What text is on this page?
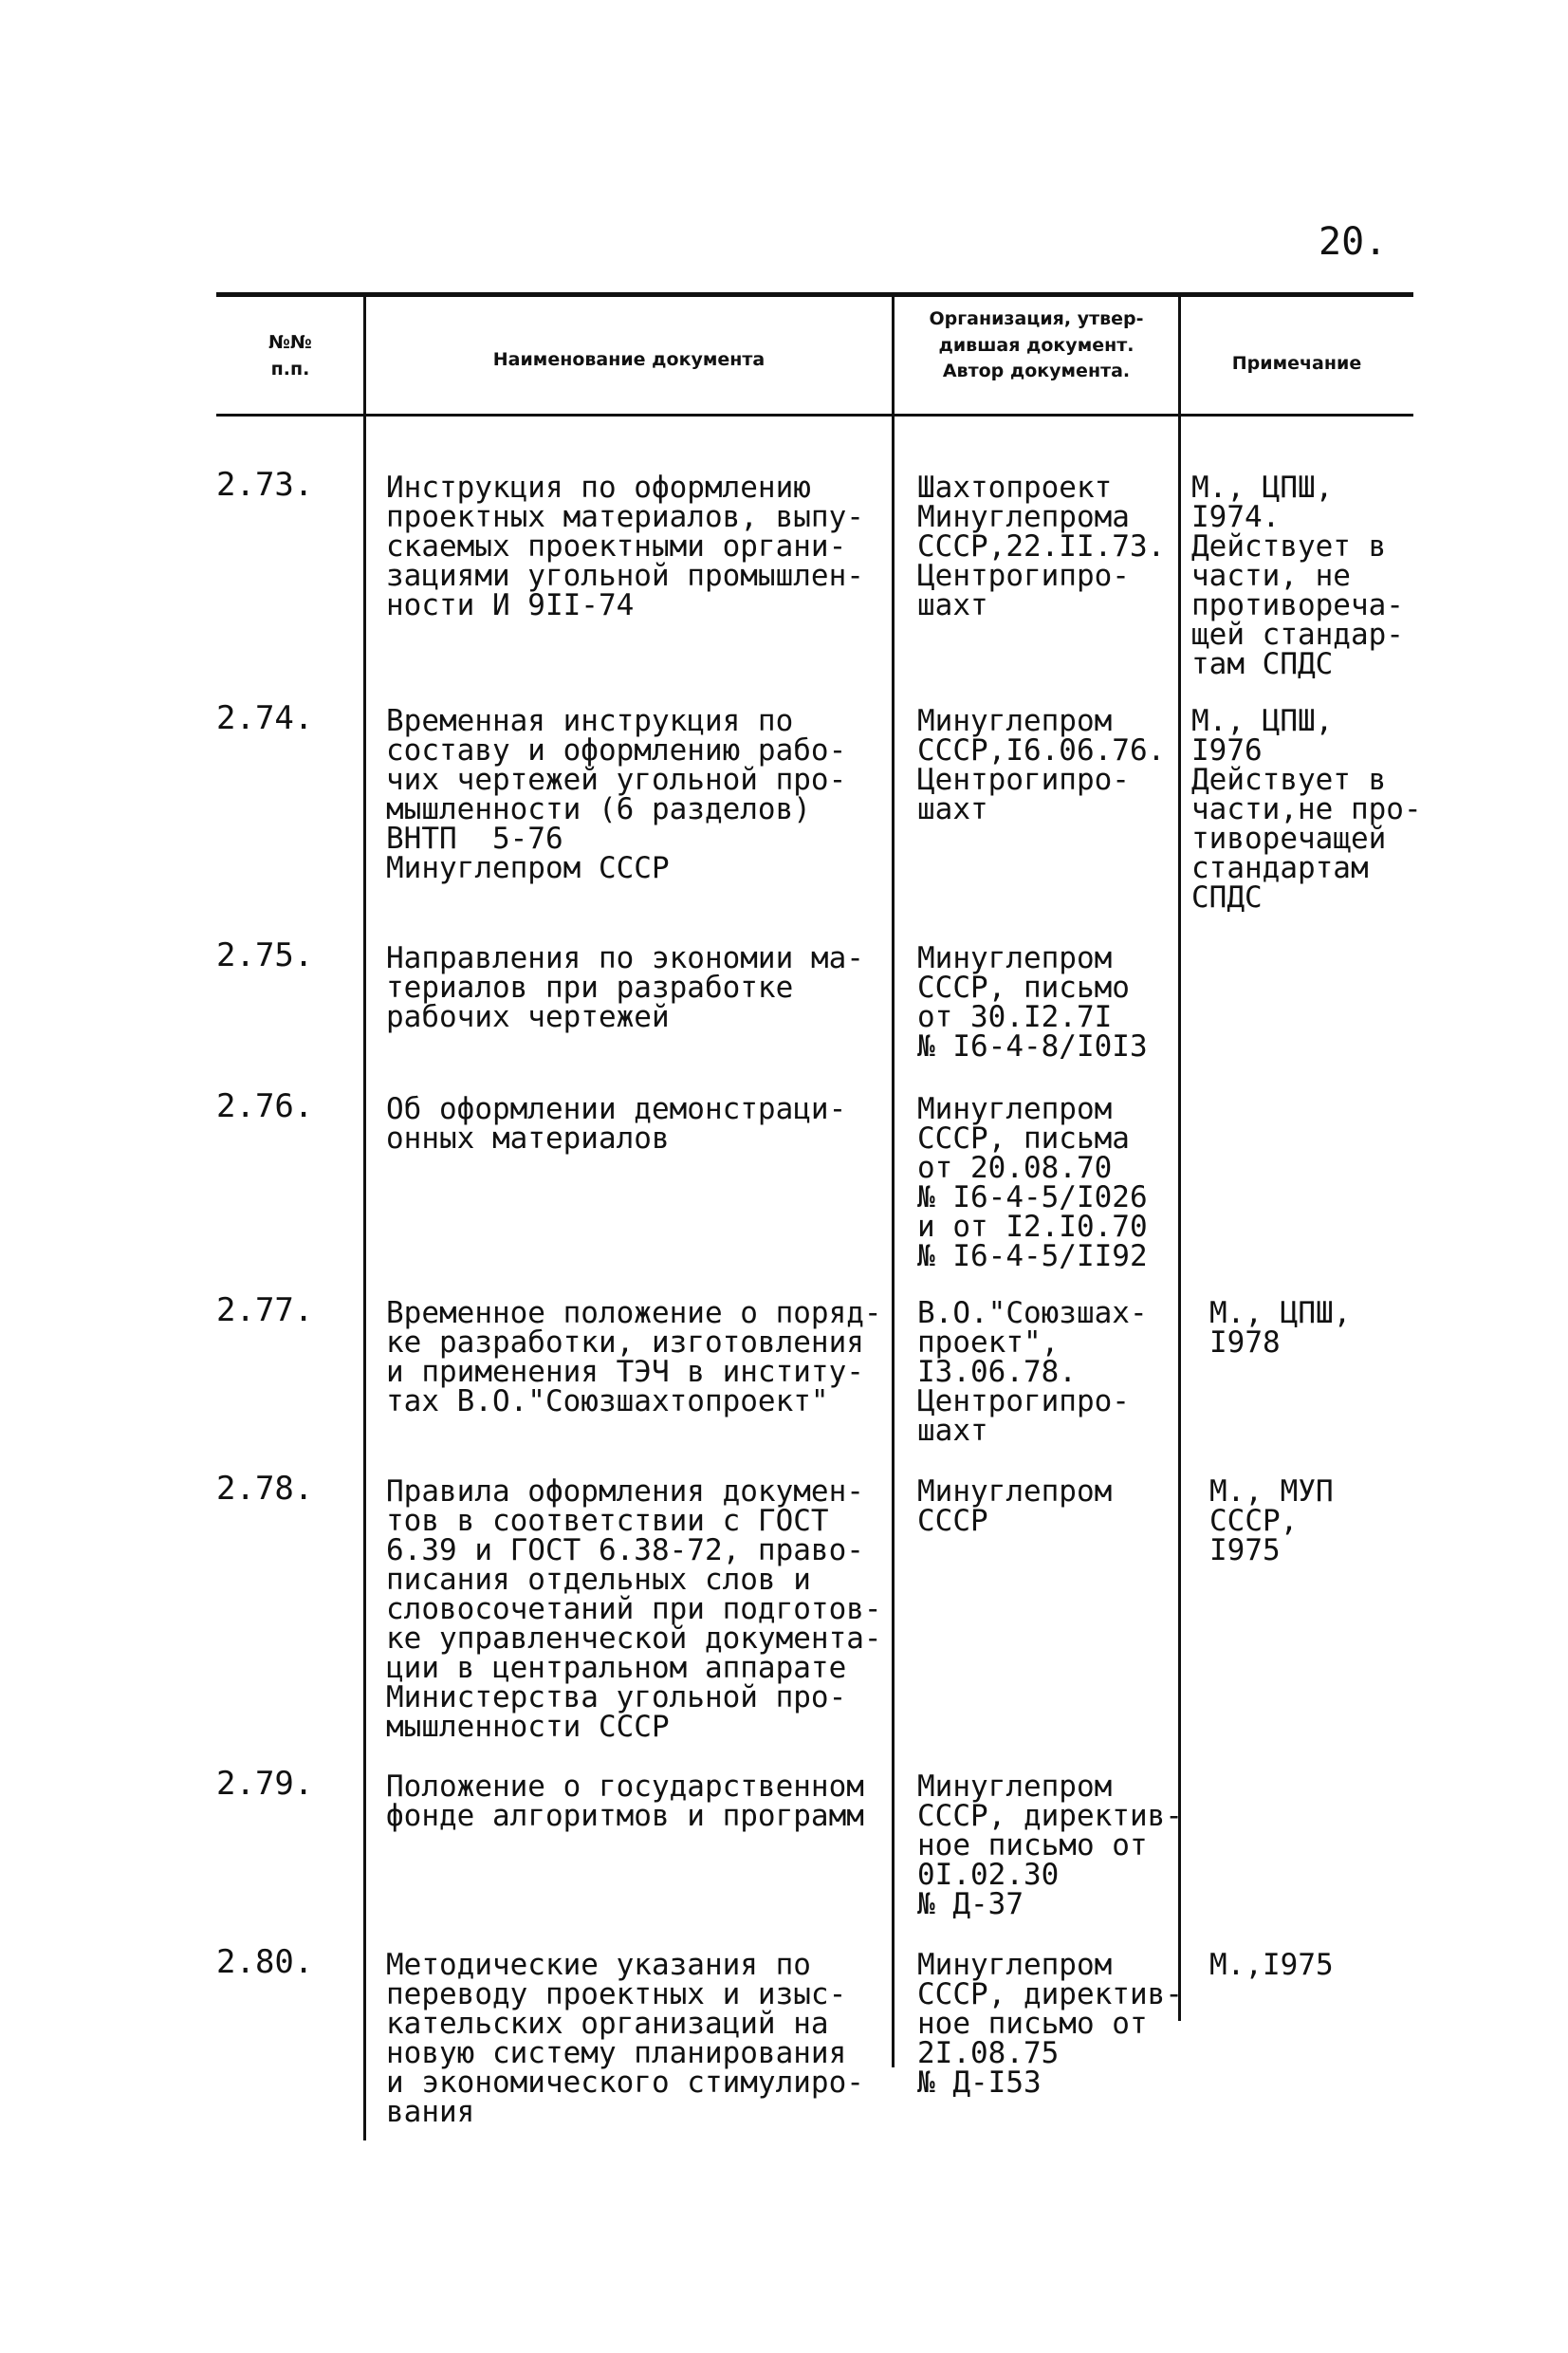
20.
№№
п.п.	Наименование документа
Организация, утвер-
дившая документ.
Автор документа.	Примечание
2.73. Инструкция по оформлению
проектных материалов, выпу-
скаемых проектными органи-
зациями угольной промышлен-
ности И 9II-74
Шахтопроект
Минуглепрома
СССР,22.II.73.
Центрогипро-
шахт
М., ЦПШ,
I974.
Действует в
части, не
противореча-
щей стандар-
там СПДС
2.74. Временная инструкция по
составу и оформлению рабо-
чих чертежей угольной про-
мышленности (6 разделов)
ВНТП  5-76
Минуглепром СССР
Минуглепром
СССР,I6.06.76.
Центрогипро-
шахт
М., ЦПШ,
I976
Действует в
части,не про-
тиворечащей
стандартам
СПДС
2.75. Направления по экономии ма-
териалов при разработке
рабочих чертежей
Минуглепром
СССР, письмо
от 30.I2.7I
№ I6-4-8/I0I3
2.76. Об оформлении демонстраци-
онных материалов
Минуглепром
СССР, письма
от 20.08.70
№ I6-4-5/I026
и от I2.I0.70
№ I6-4-5/II92
2.77. Временное положение о поряд-
ке разработки, изготовления
и применения ТЭЧ в институ-
тах В.О."Союзшахтопроект"
В.О."Союзшах-
проект",
I3.06.78.
Центрогипро-
шахт
М., ЦПШ,
I978
2.78. Правила оформления докумен-
тов в соответствии с ГОСТ
6.39 и ГОСТ 6.38-72, право-
писания отдельных слов и
словосочетаний при подготов-
ке управленческой документа-
ции в центральном аппарате
Министерства угольной про-
мышленности СССР
Минуглепром
СССР
М., МУП
СССР,
I975
2.79. Положение о государственном
фонде алгоритмов и программ
Минуглепром
СССР, директив-
ное письмо от
0I.02.30
№ Д-37
2.80. Методические указания по
переводу проектных и изыс-
кательских организаций на
новую систему планирования
и экономического стимулиро-
вания
Минуглепром
СССР, директив-
ное письмо от
2I.08.75
№ Д-I53
М.,I975
